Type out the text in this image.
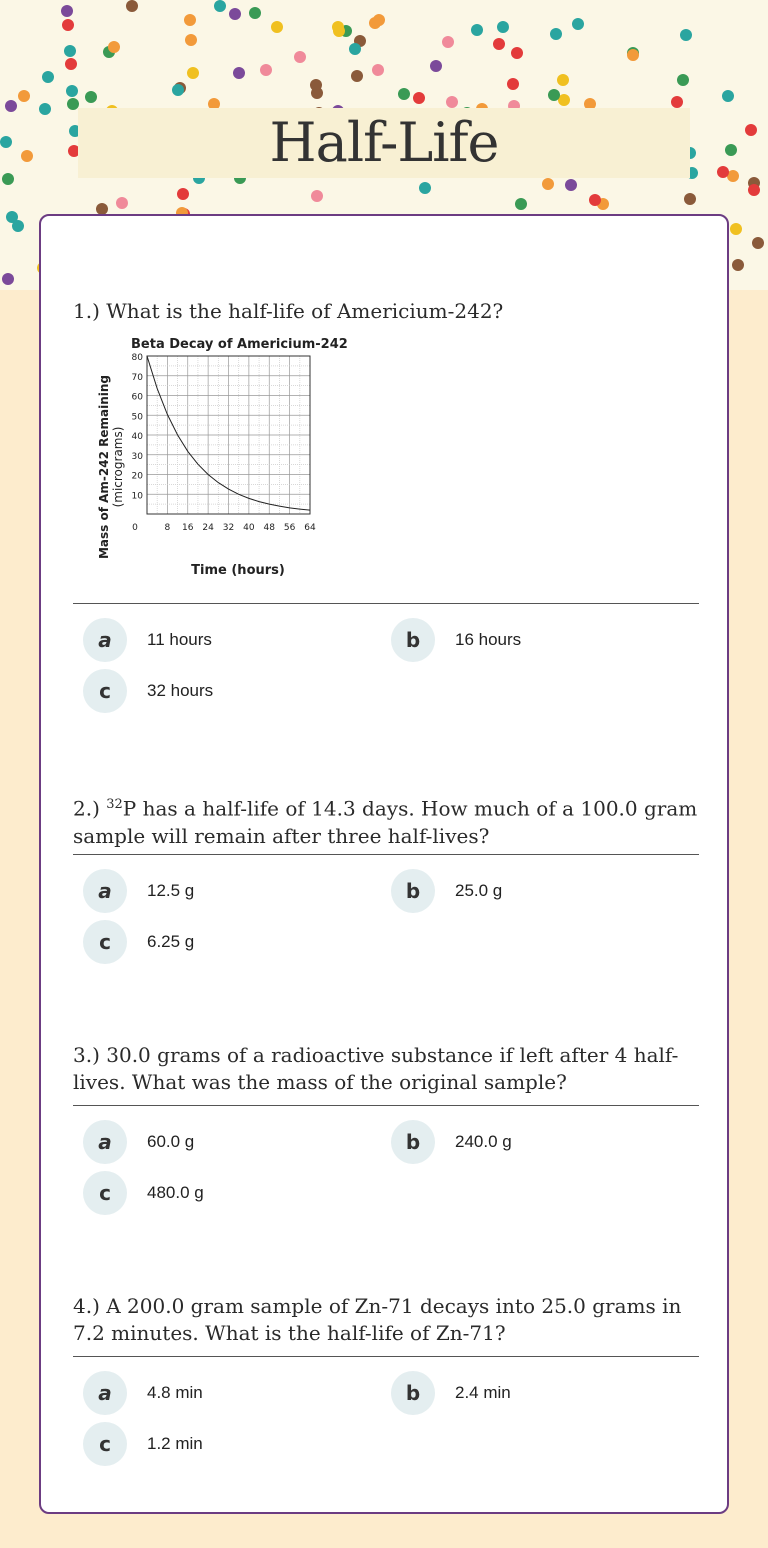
Half-Life
1.) What is the half-life of Americium-242?
Beta Decay of Americium-242
10
20
30
40
50
60
70
80
0	8 16 24 32 40 48 56 64
Time (hours)
Mass of Am-242 Remaining (micrograms)
a	11 hours	b	16 hours
c	32 hours
2.) $^{32}$P has a half-life of 14.3 days. How much of a 100.0 gram sample will remain after three half-lives?
a	12.5 g	b	25.0 g
c	6.25 g
3.) 30.0 grams of a radioactive substance if left after 4 half-lives. What was the mass of the original sample?
a	60.0 g	b	240.0 g
c	480.0 g
4.) A 200.0 gram sample of Zn-71 decays into 25.0 grams in 7.2 minutes. What is the half-life of Zn-71?
a	4.8 min	b	2.4 min
c	1.2 min
